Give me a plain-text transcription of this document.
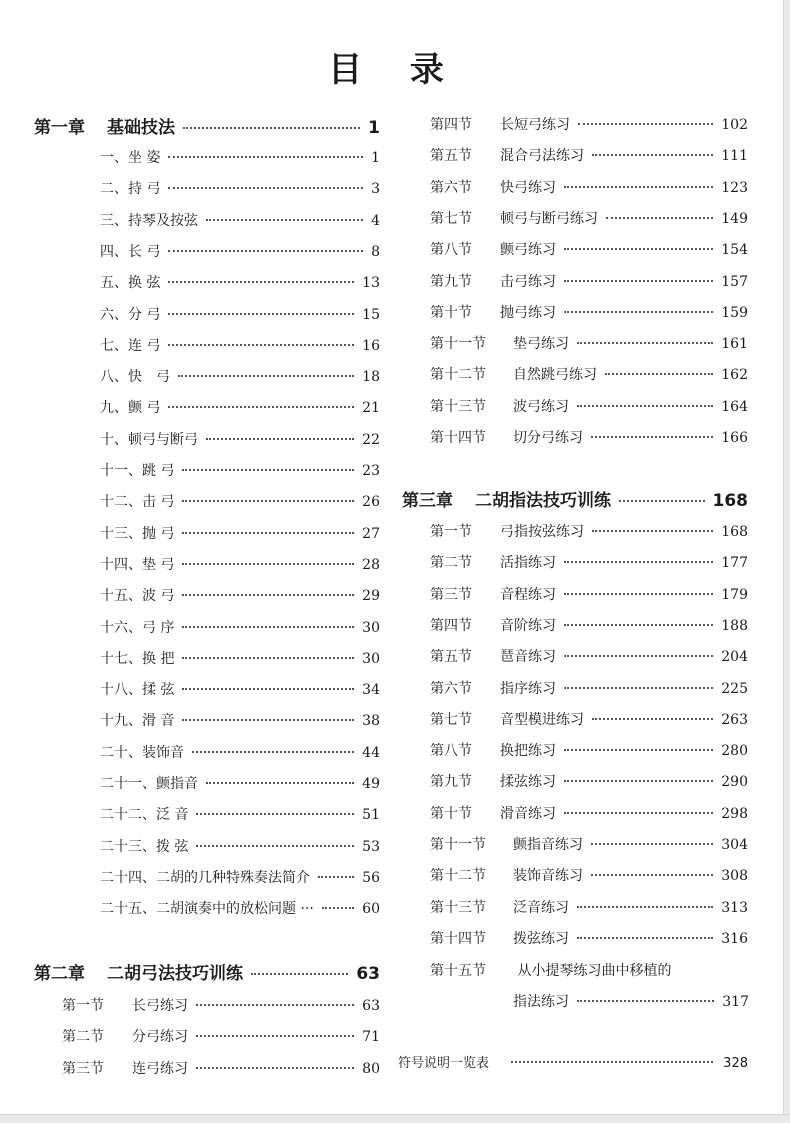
目 录
第一章 基础技法	1
一、坐 姿	1
二、持 弓	3
三、持琴及按弦	4
四、长 弓	8
五、换 弦	13
六、分 弓	15
七、连 弓	16
八、快　弓	18
九、颤 弓	21
十、顿弓与断弓	22
十一、跳 弓	23
十二、击 弓	26
十三、抛 弓	27
十四、垫 弓	28
十五、波 弓	29
十六、弓 序	30
十七、换 把	30
十八、揉 弦	34
十九、滑 音	38
二十、装饰音	44
二十一、颤指音	49
二十二、泛 音	51
二十三、拨 弦	53
二十四、二胡的几种特殊奏法简介	56
二十五、二胡演奏中的放松问题 ···	60
第二章 二胡弓法技巧训练	63
第一节	长弓练习	63
第二节	分弓练习	71
第三节	连弓练习	80
第四节	长短弓练习	102
第五节	混合弓法练习	111
第六节	快弓练习	123
第七节	顿弓与断弓练习	149
第八节	颤弓练习	154
第九节	击弓练习	157
第十节	抛弓练习	159
第十一节	垫弓练习	161
第十二节	自然跳弓练习	162
第十三节	波弓练习	164
第十四节	切分弓练习	166
第三章 二胡指法技巧训练	168
第一节	弓指按弦练习	168
第二节	活指练习	177
第三节	音程练习	179
第四节	音阶练习	188
第五节	琶音练习	204
第六节	指序练习	225
第七节	音型模进练习	263
第八节	换把练习	280
第九节	揉弦练习	290
第十节	滑音练习	298
第十一节	颤指音练习	304
第十二节	装饰音练习	308
第十三节	泛音练习	313
第十四节	拨弦练习	316
第十五节 从小提琴练习曲中移植的
指法练习	317
符号说明一览表	328
